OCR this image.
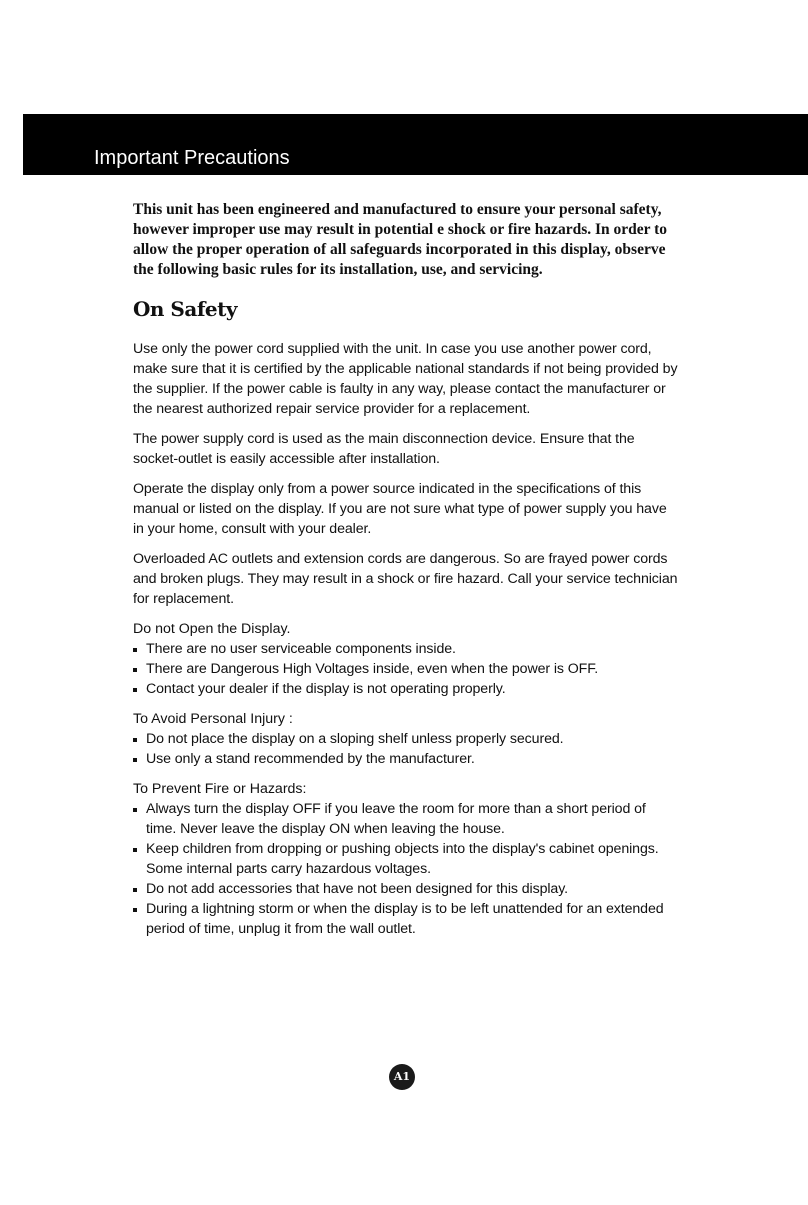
Important Precautions

This unit has been engineered and manufactured to ensure your personal safety, however improper use may result in potential e shock or fire hazards. In order to allow the proper operation of all safeguards incorporated in this display, observe the following basic rules for its installation, use, and servicing.

On Safety

Use only the power cord supplied with the unit. In case you use another power cord, make sure that it is certified by the applicable national standards if not being provided by the supplier. If the power cable is faulty in any way, please contact the manufacturer or the nearest authorized repair service provider for a replacement.

The power supply cord is used as the main disconnection device. Ensure that the socket-outlet is easily accessible after installation.

Operate the display only from a power source indicated in the specifications of this manual or listed on the display. If you are not sure what type of power supply you have in your home, consult with your dealer.

Overloaded AC outlets and extension cords are dangerous. So are frayed power cords and broken plugs. They may result in a shock or fire hazard. Call your service technician for replacement.

Do not Open the Display.

There are no user serviceable components inside.
There are Dangerous High Voltages inside, even when the power is OFF.
Contact your dealer if the display is not operating properly.

To Avoid Personal Injury :

Do not place the display on a sloping shelf unless properly secured.
Use only a stand recommended by the manufacturer.

To Prevent Fire or Hazards:

Always turn the display OFF if you leave the room for more than a short period of time. Never leave the display ON when leaving the house.
Keep children from dropping or pushing objects into the display's cabinet openings. Some internal parts carry hazardous voltages.
Do not add accessories that have not been designed for this display.
During a lightning storm or when the display is to be left unattended for an extended period of time, unplug it from the wall outlet.
A1
